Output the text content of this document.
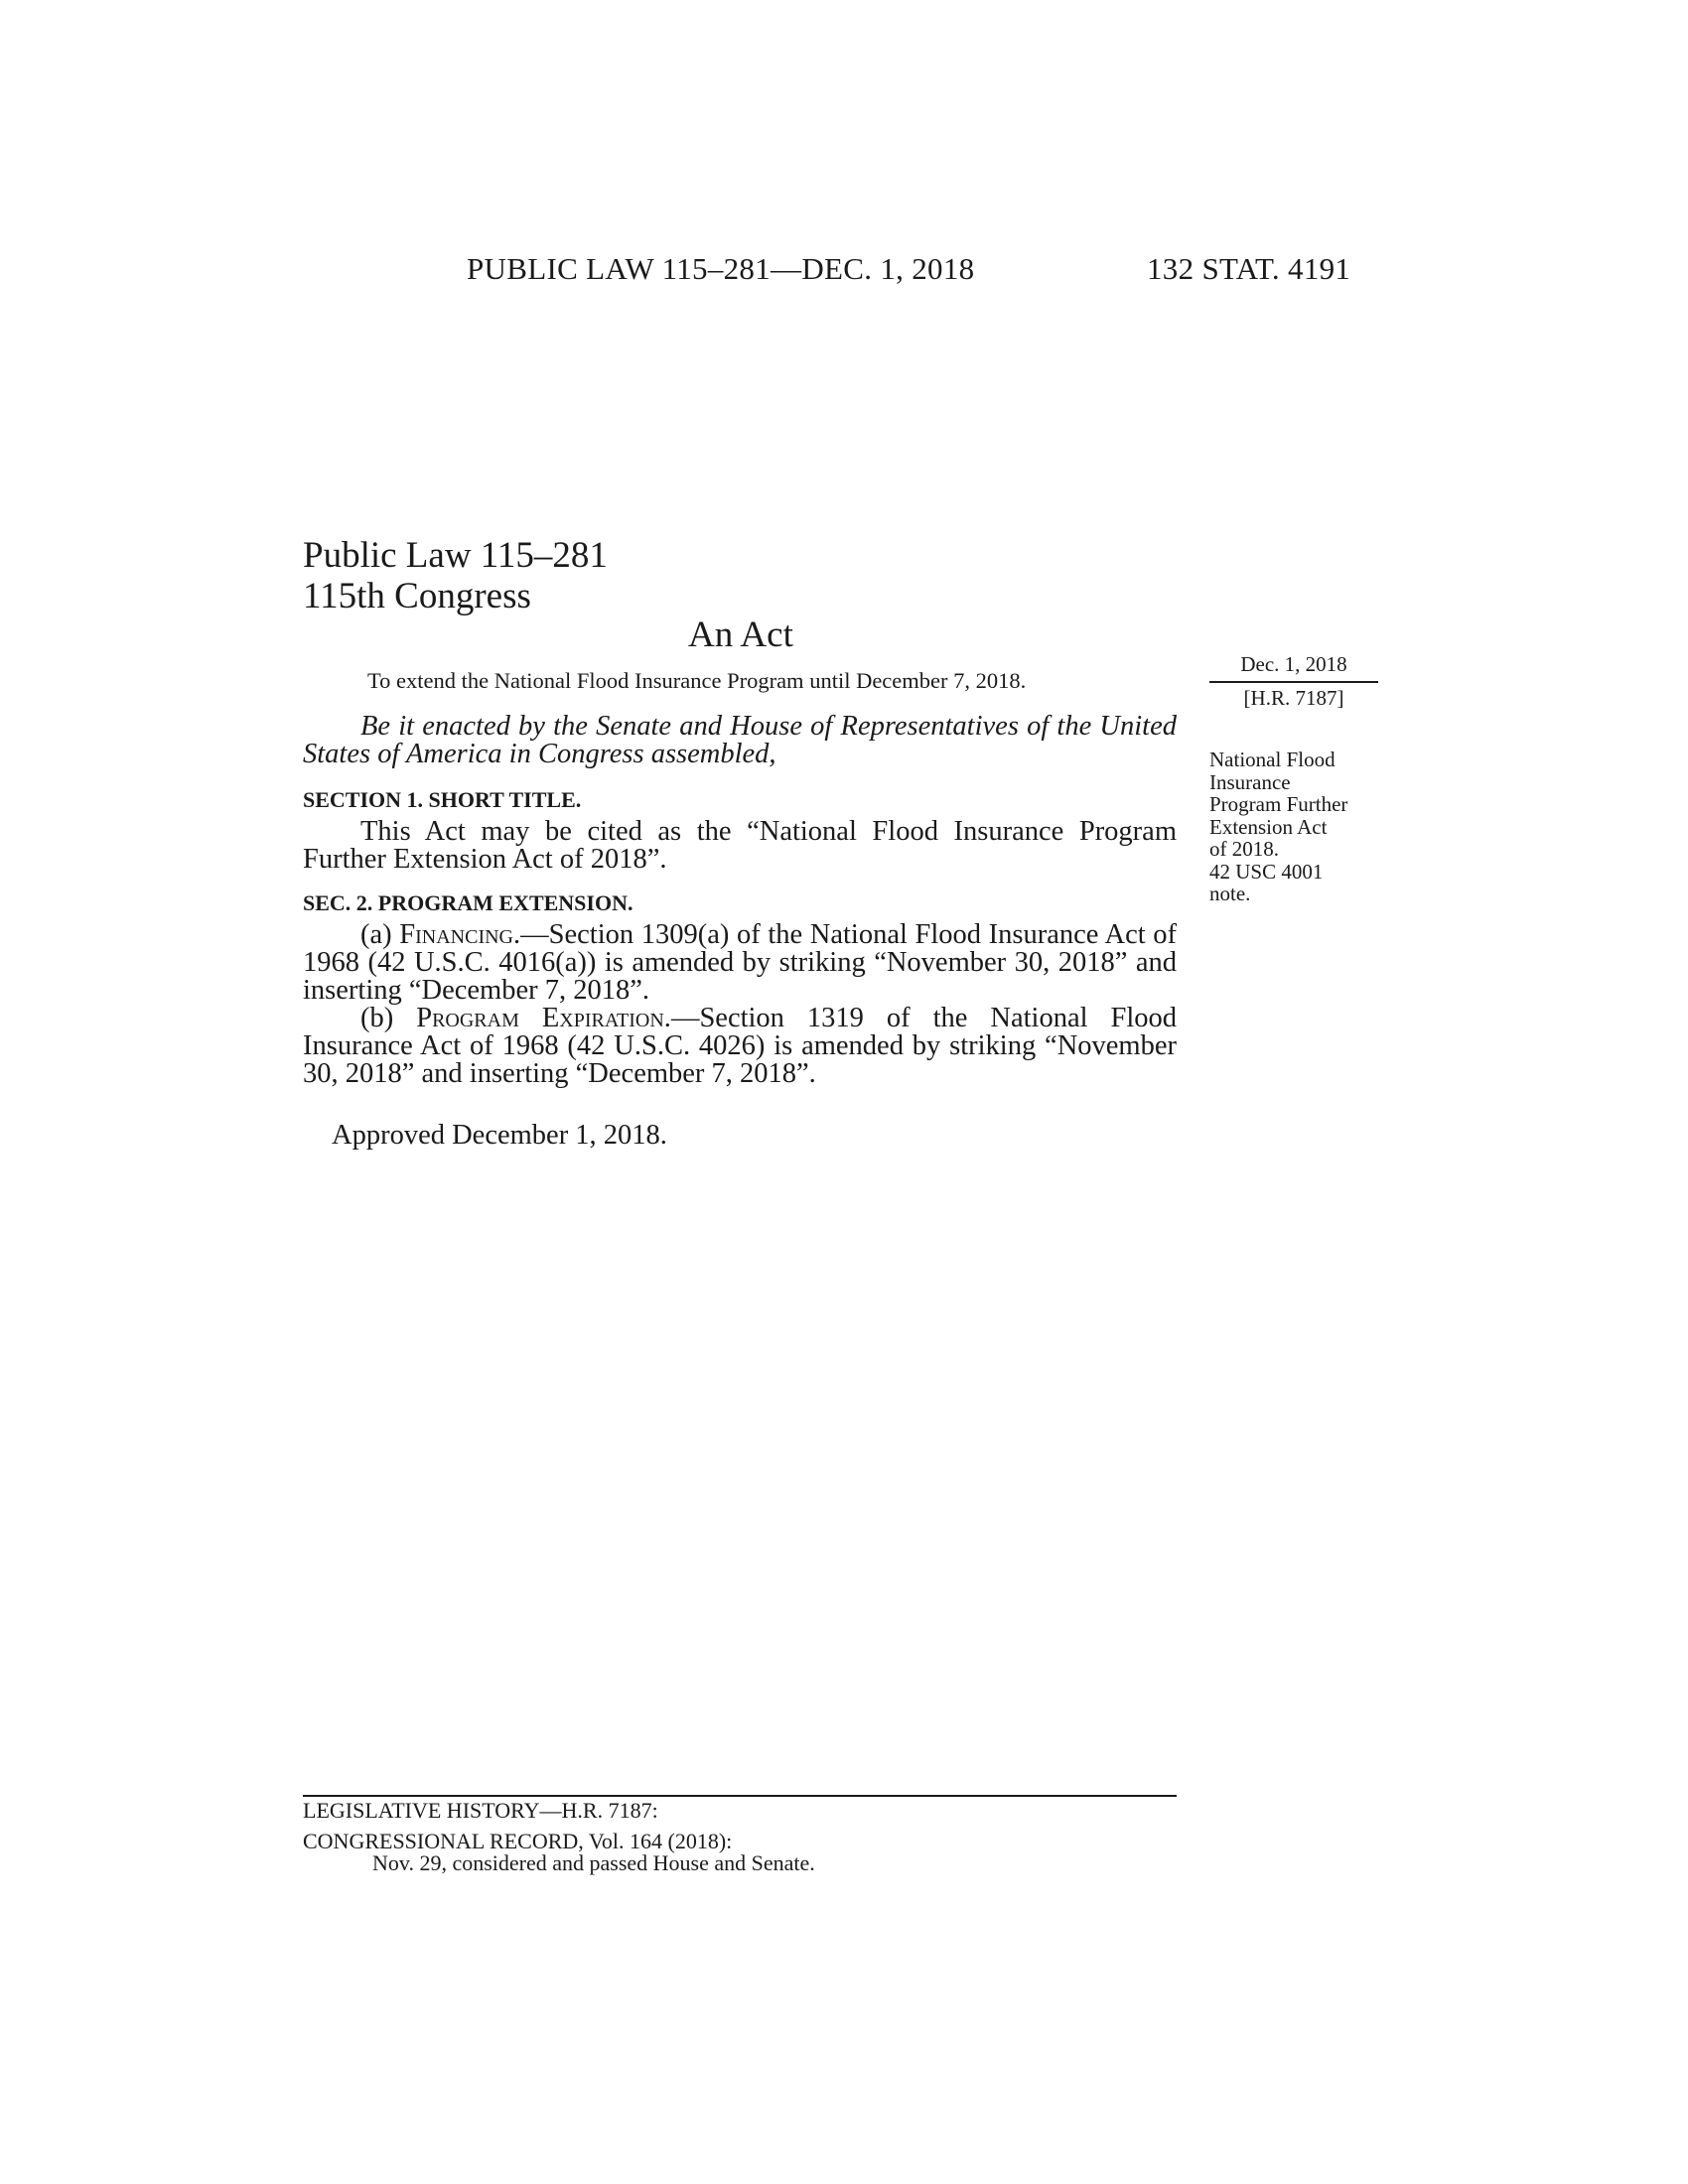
PUBLIC LAW 115–281—DEC. 1, 2018	132 STAT. 4191
Public Law 115–281
115th Congress
An Act
To extend the National Flood Insurance Program until December 7, 2018.
Dec. 1, 2018
[H.R. 7187]
National Flood
Insurance
Program Further
Extension Act
of 2018.
42 USC 4001
note.

Be it enacted by the Senate and House of Representatives of the United States of America in Congress assembled,

SECTION 1. SHORT TITLE.

This Act may be cited as the “National Flood Insurance Program Further Extension Act of 2018”.

SEC. 2. PROGRAM EXTENSION.

(a) Financing.—Section 1309(a) of the National Flood Insurance Act of 1968 (42 U.S.C. 4016(a)) is amended by striking “November 30, 2018” and inserting “December 7, 2018”.

(b) Program Expiration.—Section 1319 of the National Flood Insurance Act of 1968 (42 U.S.C. 4026) is amended by striking “November 30, 2018” and inserting “December 7, 2018”.

Approved December 1, 2018.
LEGISLATIVE HISTORY—H.R. 7187:
CONGRESSIONAL RECORD, Vol. 164 (2018):
Nov. 29, considered and passed House and Senate.
